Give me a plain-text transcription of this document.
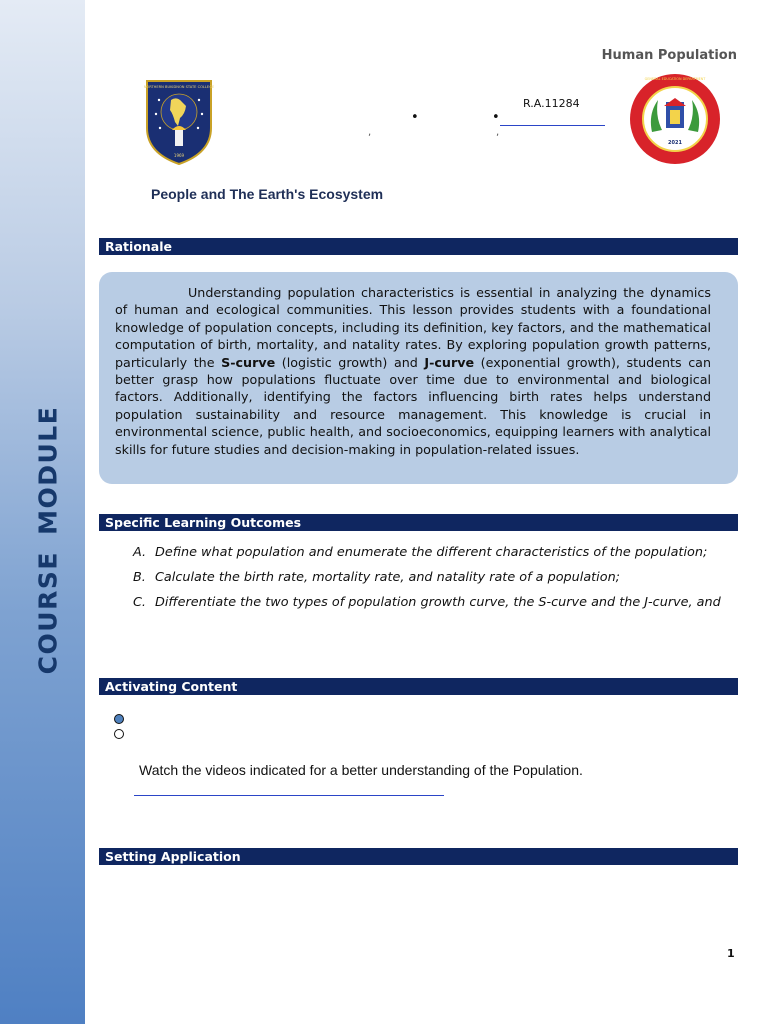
COURSE MODULE
Human Population
NORTHERN BUKIDNON STATE COLLEGE
1969
R.A.11284
•	•
,	,
GENERAL EDUCATION DEPARTMENT
2021
People and The Earth's Ecosystem
Rationale

Understanding population characteristics is essential in analyzing the dynamics of human and ecological communities. This lesson provides students with a foundational knowledge of population concepts, including its definition, key factors, and the mathematical computation of birth, mortality, and natality rates. By exploring population growth patterns, particularly the S-curve (logistic growth) and J-curve (exponential growth), students can better grasp how populations fluctuate over time due to environmental and biological factors. Additionally, identifying the factors influencing birth rates helps understand population sustainability and resource management. This knowledge is crucial in environmental science, public health, and socioeconomics, equipping learners with analytical skills for future studies and decision-making in population-related issues.

Specific Learning Outcomes
A. Define what population and enumerate the different characteristics of the population;
B. Calculate the birth rate, mortality rate, and natality rate of a population;
C. Differentiate the two types of population growth curve, the S-curve and the J-curve, and
Activating Content
Watch the videos indicated for a better understanding of the Population.
Setting Application
1
